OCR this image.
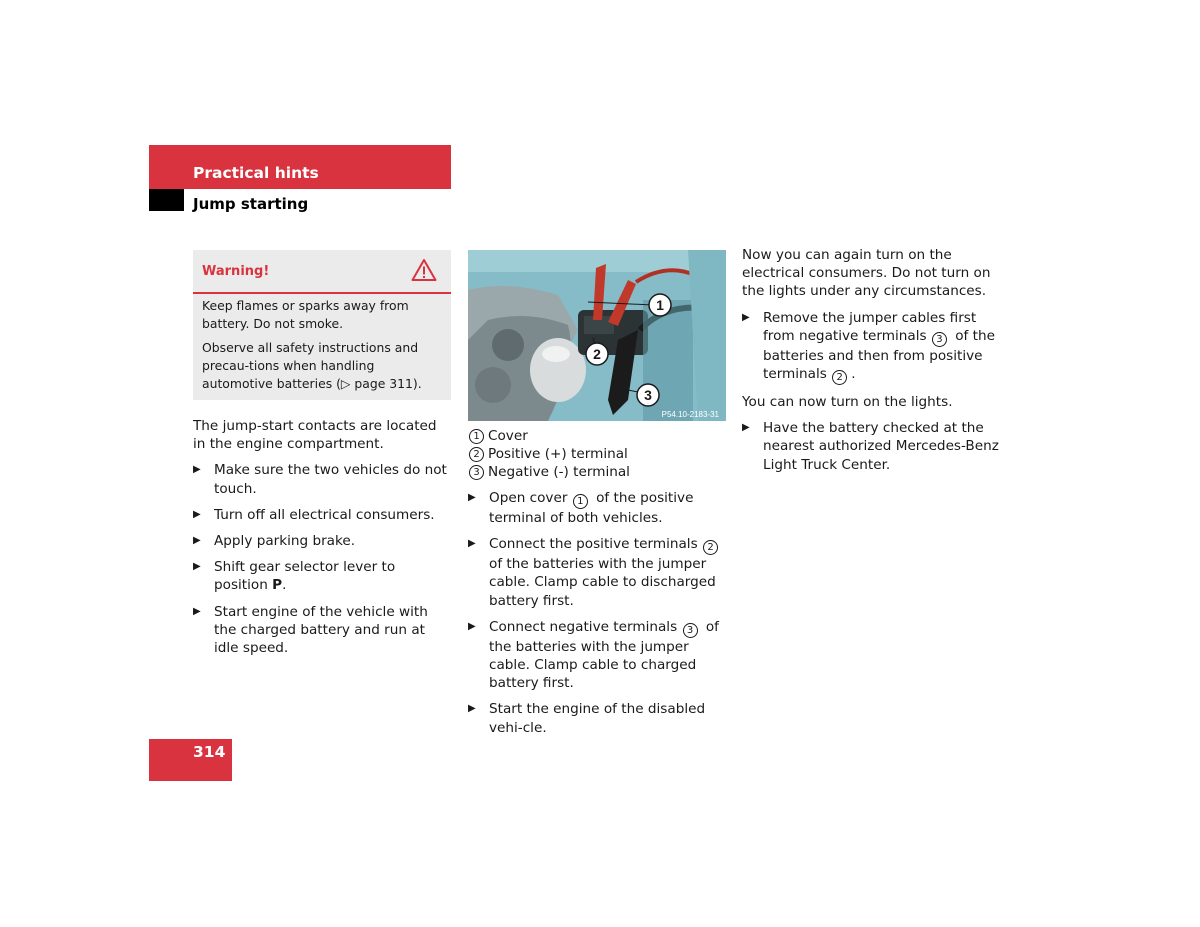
Practical hints
Jump starting
Warning!

Keep flames or sparks away from battery. Do not smoke.

Observe all safety instructions and precau-tions when handling automotive batteries (▷ page 311).

The jump-start contacts are located in the engine compartment.

▶ Make sure the two vehicles do not touch.
▶ Turn off all electrical consumers.
▶ Apply parking brake.
▶ Shift gear selector lever to position P.
▶ Start engine of the vehicle with the charged battery and run at idle speed.
1
2
3
P54.10-2183-31
1 Cover
2 Positive (+) terminal
3 Negative (-) terminal
▶ Open cover 1 of the positive terminal of both vehicles.
▶ Connect the positive terminals 2 of the batteries with the jumper cable. Clamp cable to discharged battery first.
▶ Connect negative terminals 3 of the batteries with the jumper cable. Clamp cable to charged battery first.
▶ Start the engine of the disabled vehi-cle.

Now you can again turn on the electrical consumers. Do not turn on the lights under any circumstances.

▶ Remove the jumper cables first from negative terminals 3 of the batteries and then from positive terminals 2 .

You can now turn on the lights.

▶ Have the battery checked at the nearest authorized Mercedes-Benz Light Truck Center.
314
